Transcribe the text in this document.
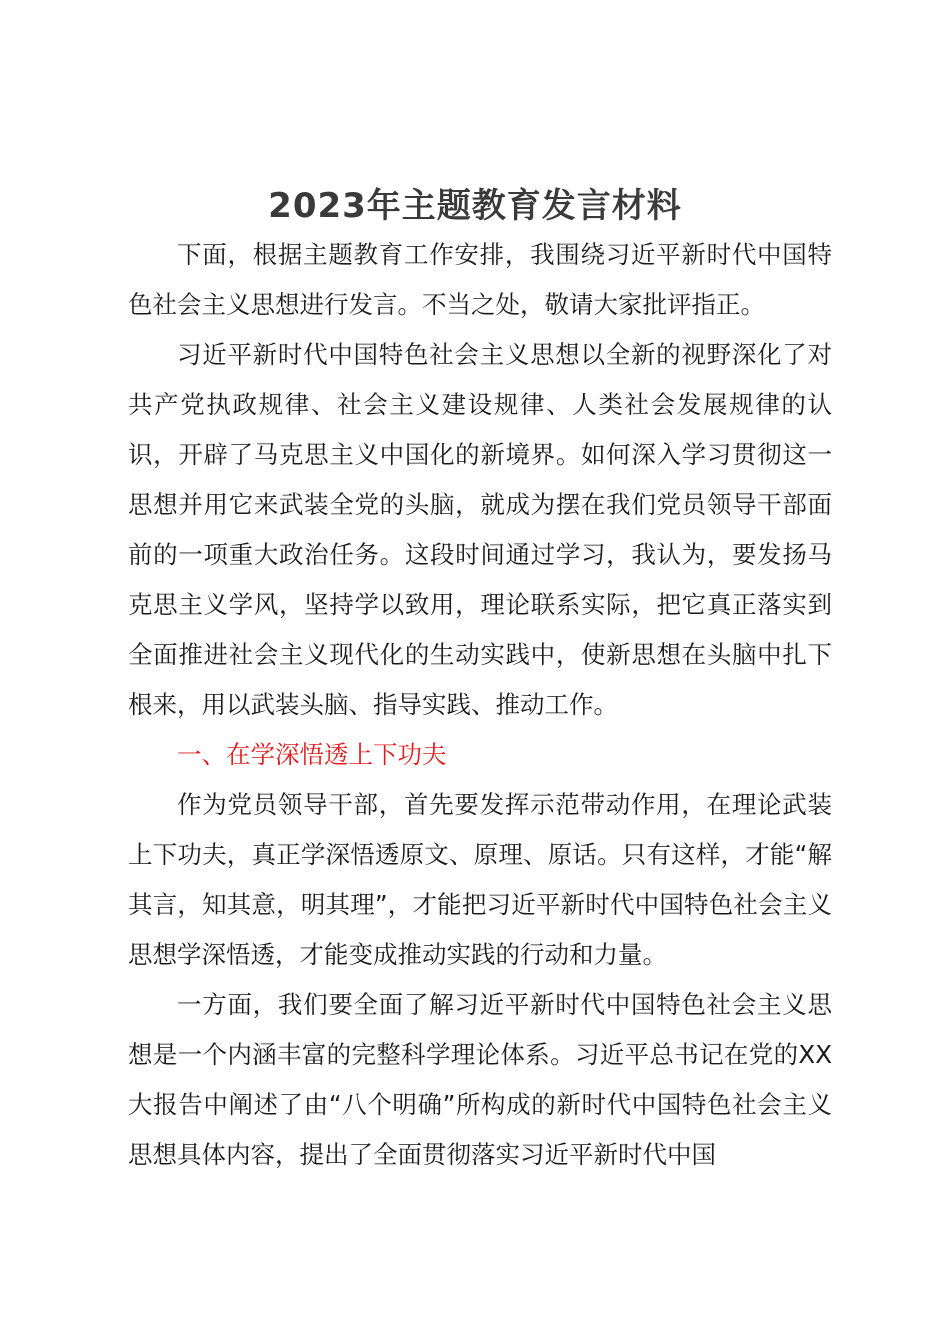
2023年主题教育发言材料

下面，根据主题教育工作安排，我围绕习近平新时代中国特色社会主义思想进行发言。不当之处，敬请大家批评指正。

习近平新时代中国特色社会主义思想以全新的视野深化了对共产党执政规律、社会主义建设规律、人类社会发展规律的认识，开辟了马克思主义中国化的新境界。如何深入学习贯彻这一思想并用它来武装全党的头脑，就成为摆在我们党员领导干部面前的一项重大政治任务。这段时间通过学习，我认为，要发扬马克思主义学风，坚持学以致用，理论联系实际，把它真正落实到全面推进社会主义现代化的生动实践中，使新思想在头脑中扎下根来，用以武装头脑、指导实践、推动工作。

一、在学深悟透上下功夫

作为党员领导干部，首先要发挥示范带动作用，在理论武装上下功夫，真正学深悟透原文、原理、原话。只有这样，才能“解其言，知其意，明其理”，才能把习近平新时代中国特色社会主义思想学深悟透，才能变成推动实践的行动和力量。

一方面，我们要全面了解习近平新时代中国特色社会主义思想是一个内涵丰富的完整科学理论体系。习近平总书记在党的XX大报告中阐述了由“八个明确”所构成的新时代中国特色社会主义思想具体内容，提出了全面贯彻落实习近平新时代中国
